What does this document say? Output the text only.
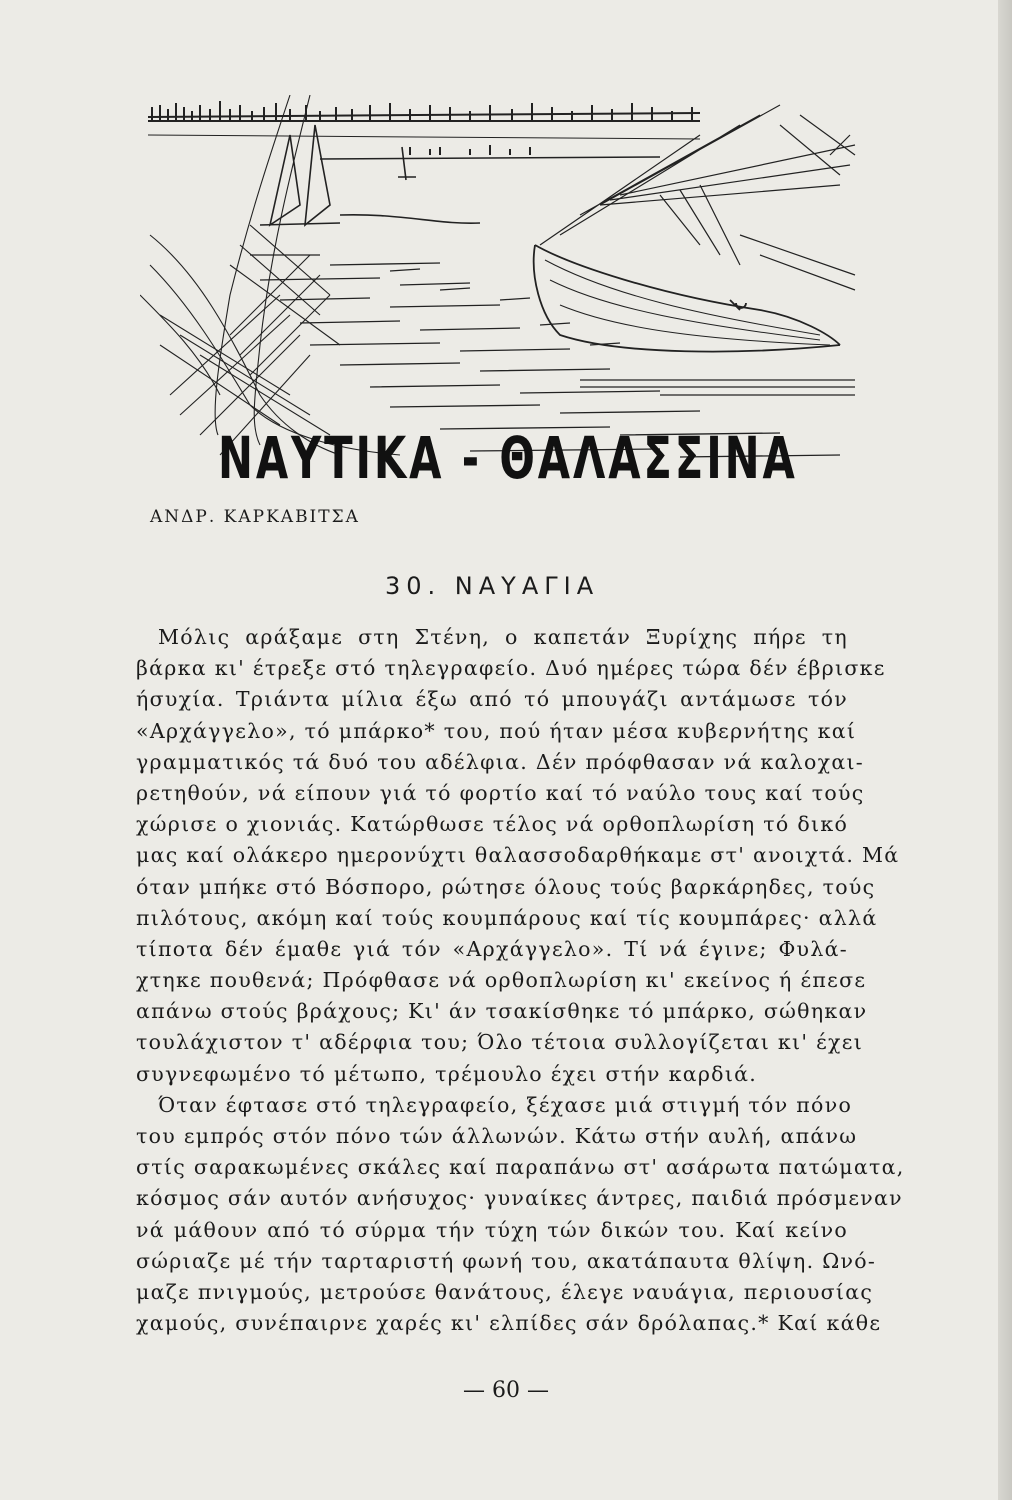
ΝΑΥΤΙΚΑ - ΘΑΛΑΣΣΙΝΑ
ΑΝΔΡ. ΚΑΡΚΑΒΙΤΣΑ
30. ΝΑΥΑΓΙΑ
Μόλις αράξαμε στη Στένη, ο καπετάν Ξυρίχης πήρε τη
βάρκα κι' έτρεξε στό τηλεγραφείο. Δυό ημέρες τώρα δέν έβρισκε
ήσυχία. Τριάντα μίλια έξω από τό μπουγάζι αντάμωσε τόν
«Αρχάγγελο», τό μπάρκο* του, πού ήταν μέσα κυβερνήτης καί
γραμματικός τά δυό του αδέλφια. Δέν πρόφθασαν νά καλοχαι-
ρετηθούν, νά είπουν γιά τό φορτίο καί τό ναύλο τους καί τούς
χώρισε ο χιονιάς. Κατώρθωσε τέλος νά ορθοπλωρίση τό δικό
μας καί ολάκερο ημερονύχτι θαλασσοδαρθήκαμε στ' ανοιχτά. Μά
όταν μπήκε στό Βόσπορο, ρώτησε όλους τούς βαρκάρηδες, τούς
πιλότους, ακόμη καί τούς κουμπάρους καί τίς κουμπάρες· αλλά
τίποτα δέν έμαθε γιά τόν «Αρχάγγελο». Τί νά έγινε; Φυλά-
χτηκε πουθενά; Πρόφθασε νά ορθοπλωρίση κι' εκείνος ή έπεσε
απάνω στούς βράχους; Κι' άν τσακίσθηκε τό μπάρκο, σώθηκαν
τουλάχιστον τ' αδέρφια του; Όλο τέτοια συλλογίζεται κι' έχει
συγνεφωμένο τό μέτωπο, τρέμουλο έχει στήν καρδιά.
Όταν έφτασε στό τηλεγραφείο, ξέχασε μιά στιγμή τόν πόνο
του εμπρός στόν πόνο τών άλλωνών. Κάτω στήν αυλή, απάνω
στίς σαρακωμένες σκάλες καί παραπάνω στ' ασάρωτα πατώματα,
κόσμος σάν αυτόν ανήσυχος· γυναίκες άντρες, παιδιά πρόσμεναν
νά μάθουν από τό σύρμα τήν τύχη τών δικών του. Καί κείνο
σώριαζε μέ τήν ταρταριστή φωνή του, ακατάπαυτα θλίψη. Ωνό-
μαζε πνιγμούς, μετρούσε θανάτους, έλεγε ναυάγια, περιουσίας
χαμούς, συνέπαιρνε χαρές κι' ελπίδες σάν δρόλαπας.* Καί κάθε
— 60 —
